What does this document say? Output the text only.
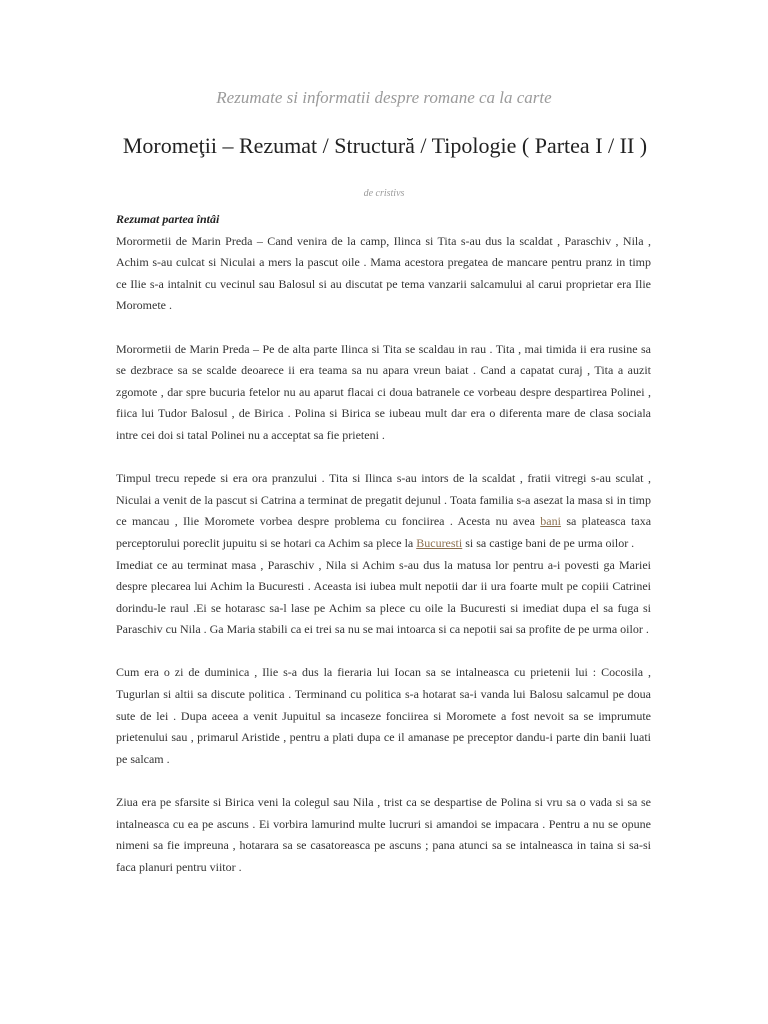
Rezumate si informatii despre romane ca la carte
Moromeţii – Rezumat / Structură / Tipologie ( Partea I / II )
de cristivs
Rezumat partea întâi

Morormetii de Marin Preda – Cand venira de la camp, Ilinca si Tita s-au dus la scaldat , Paraschiv , Nila , Achim s-au culcat si Niculai a mers la pascut oile . Mama acestora pregatea de mancare pentru pranz in timp ce Ilie s-a intalnit cu vecinul sau Balosul si au discutat pe tema vanzarii salcamului al carui proprietar era Ilie Moromete .

Morormetii de Marin Preda – Pe de alta parte Ilinca si Tita se scaldau in rau . Tita , mai timida ii era rusine sa se dezbrace sa se scalde deoarece ii era teama sa nu apara vreun baiat . Cand a capatat curaj , Tita a auzit zgomote , dar spre bucuria fetelor nu au aparut flacai ci doua batranele ce vorbeau despre despartirea Polinei , fiica lui Tudor Balosul , de Birica . Polina si Birica se iubeau mult dar era o diferenta mare de clasa sociala intre cei doi si tatal Polinei nu a acceptat sa fie prieteni .

Timpul trecu repede si era ora pranzului . Tita si Ilinca s-au intors de la scaldat , fratii vitregi s-au sculat , Niculai a venit de la pascut si Catrina a terminat de pregatit dejunul . Toata familia s-a asezat la masa si in timp ce mancau , Ilie Moromete vorbea despre problema cu fonciirea . Acesta nu avea bani sa plateasca taxa perceptorului poreclit jupuitu si se hotari ca Achim sa plece la Bucuresti si sa castige bani de pe urma oilor .

Imediat ce au terminat masa , Paraschiv , Nila si Achim s-au dus la matusa lor pentru a-i povesti ga Mariei despre plecarea lui Achim la Bucuresti . Aceasta isi iubea mult nepotii dar ii ura foarte mult pe copiii Catrinei dorindu-le raul .Ei se hotarasc sa-l lase pe Achim sa plece cu oile la Bucuresti si imediat dupa el sa fuga si Paraschiv cu Nila . Ga Maria stabili ca ei trei sa nu se mai intoarca si ca nepotii sai sa profite de pe urma oilor .

Cum era o zi de duminica , Ilie s-a dus la fieraria lui Iocan sa se intalneasca cu prietenii lui : Cocosila , Tugurlan si altii sa discute politica . Terminand cu politica s-a hotarat sa-i vanda lui Balosu salcamul pe doua sute de lei . Dupa aceea a venit Jupuitul sa incaseze fonciirea si Moromete a fost nevoit sa se imprumute prietenului sau , primarul Aristide , pentru a plati dupa ce il amanase pe preceptor dandu-i parte din banii luati pe salcam .

Ziua era pe sfarsite si Birica veni la colegul sau Nila , trist ca se despartise de Polina si vru sa o vada si sa se intalneasca cu ea pe ascuns . Ei vorbira lamurind multe lucruri si amandoi se impacara . Pentru a nu se opune nimeni sa fie impreuna , hotarara sa se casatoreasca pe ascuns ; pana atunci sa se intalneasca in taina si sa-si faca planuri pentru viitor .
